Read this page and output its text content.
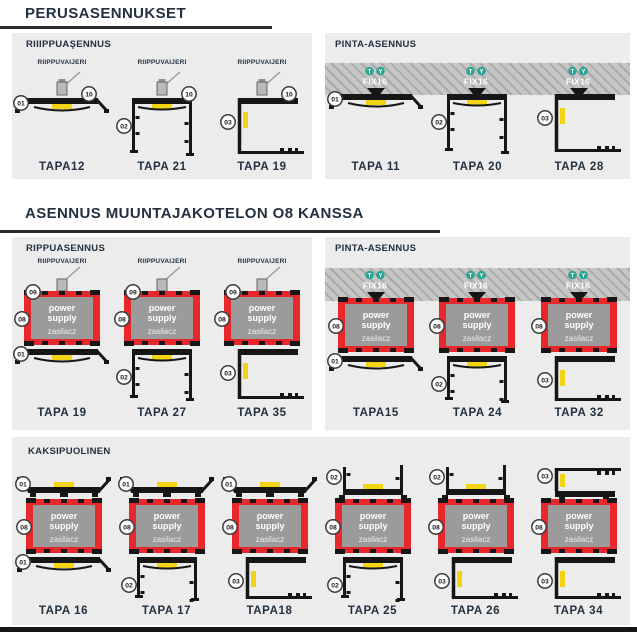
PERUSASENNUKSET
RIIIPPUAŞENNUS
RIIPPUVAIJERI
01
10
TAPA12
RIIPPUVAIJERI
02
10
TAPA 21
RIIPPUVAIJERI
03
10
TAPA 19
PINTA-ASENNUS
T Y
FIX16
01
TAPA 11
T Y
FIX16
02
TAPA 20
T Y
FIX16
03
TAPA 28
ASENNUS MUUNTAJAKOTELON O8 KANSSA
RIPPUASENNUS
RIIPPUVAIJERI
power
supply
zasilacz
09
08
01
TAPA 19
RIIPPUVAIJERI
power
supply
zasilacz
09
08
02
TAPA 27
RIIPPUVAIJERI
power
supply
zasilacz
09
08
03
TAPA 35
PINTA-ASENNUS
T Y
FIX16
power
supply
zasilacz
08
01
TAPA15
T Y
FIX16
power
supply
zasilacz
08
02
TAPA 24
T Y
FIX16
power
supply
zasilacz
08
03
TAPA 32
KAKSIPUOLINEN
power
supply
zasilacz
01
08
01
TAPA 16
power
supply
zasilacz
01
08
02
TAPA 17
power
supply
zasilacz
01
08
03
TAPA18
power
supply
zasilacz
02
08
02
TAPA 25
power
supply
zasilacz
02
08
03
TAPA 26
power
supply
zasilacz
03
08
03
TAPA 34
